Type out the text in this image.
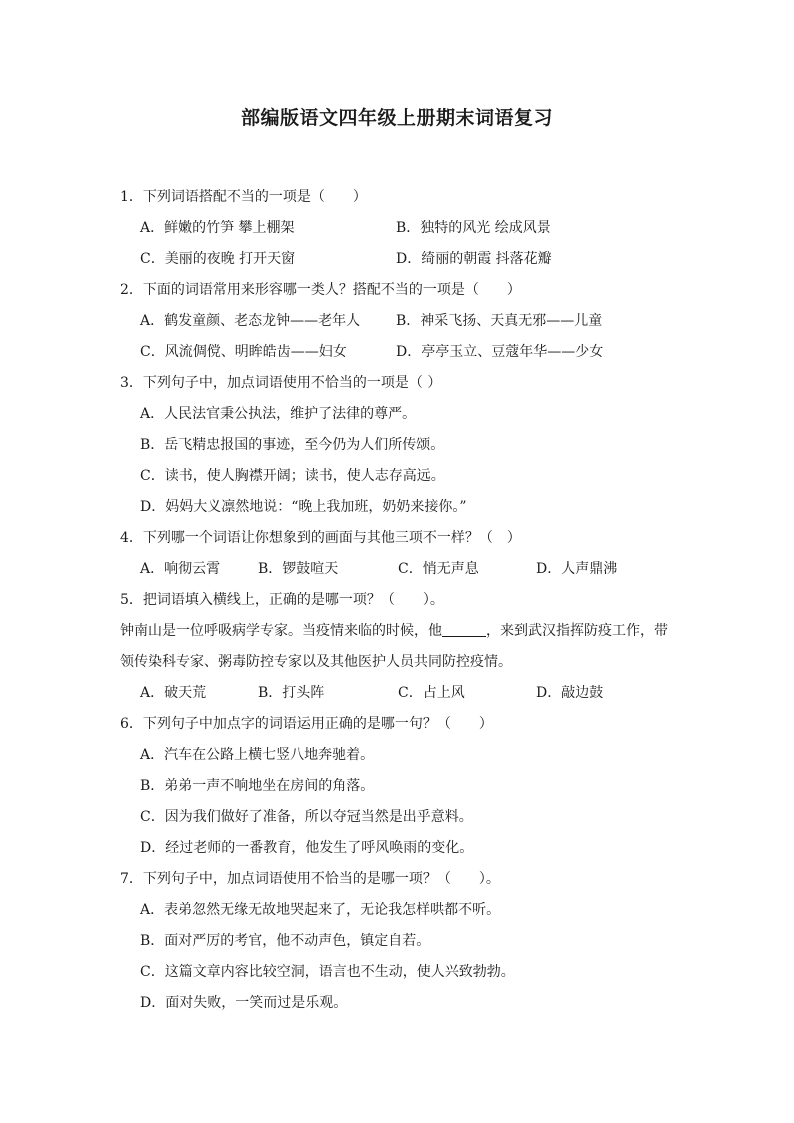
部编版语文四年级上册期末词语复习
1．下列词语搭配不当的一项是（　　）
A．鲜嫩的竹笋 攀上棚架	B．独特的风光 绘成风景
C．美丽的夜晚 打开天窗	D．绮丽的朝霞 抖落花瓣
2．下面的词语常用来形容哪一类人？搭配不当的一项是（　　）
A．鹤发童颜、老态龙钟——老年人	B．神采飞扬、天真无邪——儿童
C．风流倜傥、明眸皓齿——妇女	D．亭亭玉立、豆蔻年华——少女
3．下列句子中，加点词语使用不恰当的一项是（ ）
A．人民法官秉公执法，维护了法律的尊严。
B．岳飞精忠报国的事迹，至今仍为人们所传颂。
C．读书，使人胸襟开阔；读书，使人志存高远。
D．妈妈大义凛然地说：“晚上我加班，奶奶来接你。”
4．下列哪一个词语让你想象到的画面与其他三项不一样？（　）
A．响彻云霄	B．锣鼓喧天	C．悄无声息	D．人声鼎沸
5．把词语填入横线上，正确的是哪一项？（　　）。
钟南山是一位呼吸病学专家。当疫情来临的时候，他	，来到武汉指挥防疫工作，带
领传染科专家、粥毒防控专家以及其他医护人员共同防控疫情。
A．破天荒	B．打头阵	C．占上风	D．敲边鼓
6．下列句子中加点字的词语运用正确的是哪一句？（　　）
A．汽车在公路上横七竖八地奔驰着。
B．弟弟一声不响地坐在房间的角落。
C．因为我们做好了准备，所以夺冠当然是出乎意料。
D．经过老师的一番教育，他发生了呼风唤雨的变化。
7．下列句子中，加点词语使用不恰当的是哪一项？（　　）。
A．表弟忽然无缘无故地哭起来了，无论我怎样哄都不听。
B．面对严厉的考官，他不动声色，镇定自若。
C．这篇文章内容比较空洞，语言也不生动，使人兴致勃勃。
D．面对失败，一笑而过是乐观。
